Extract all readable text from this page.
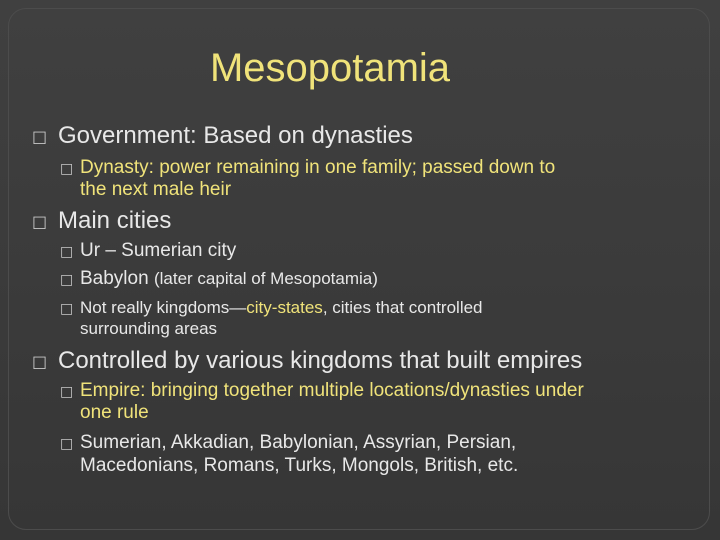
Mesopotamia
□ Government: Based on dynasties
□ Dynasty: power remaining in one family; passed down to
the next male heir
□ Main cities
□ Ur – Sumerian city
□ Babylon (later capital of Mesopotamia)
□ Not really kingdoms—city-states, cities that controlled
surrounding areas
□ Controlled by various kingdoms that built empires
□ Empire: bringing together multiple locations/dynasties under
one rule
□ Sumerian, Akkadian, Babylonian, Assyrian, Persian,
Macedonians, Romans, Turks, Mongols, British, etc.
